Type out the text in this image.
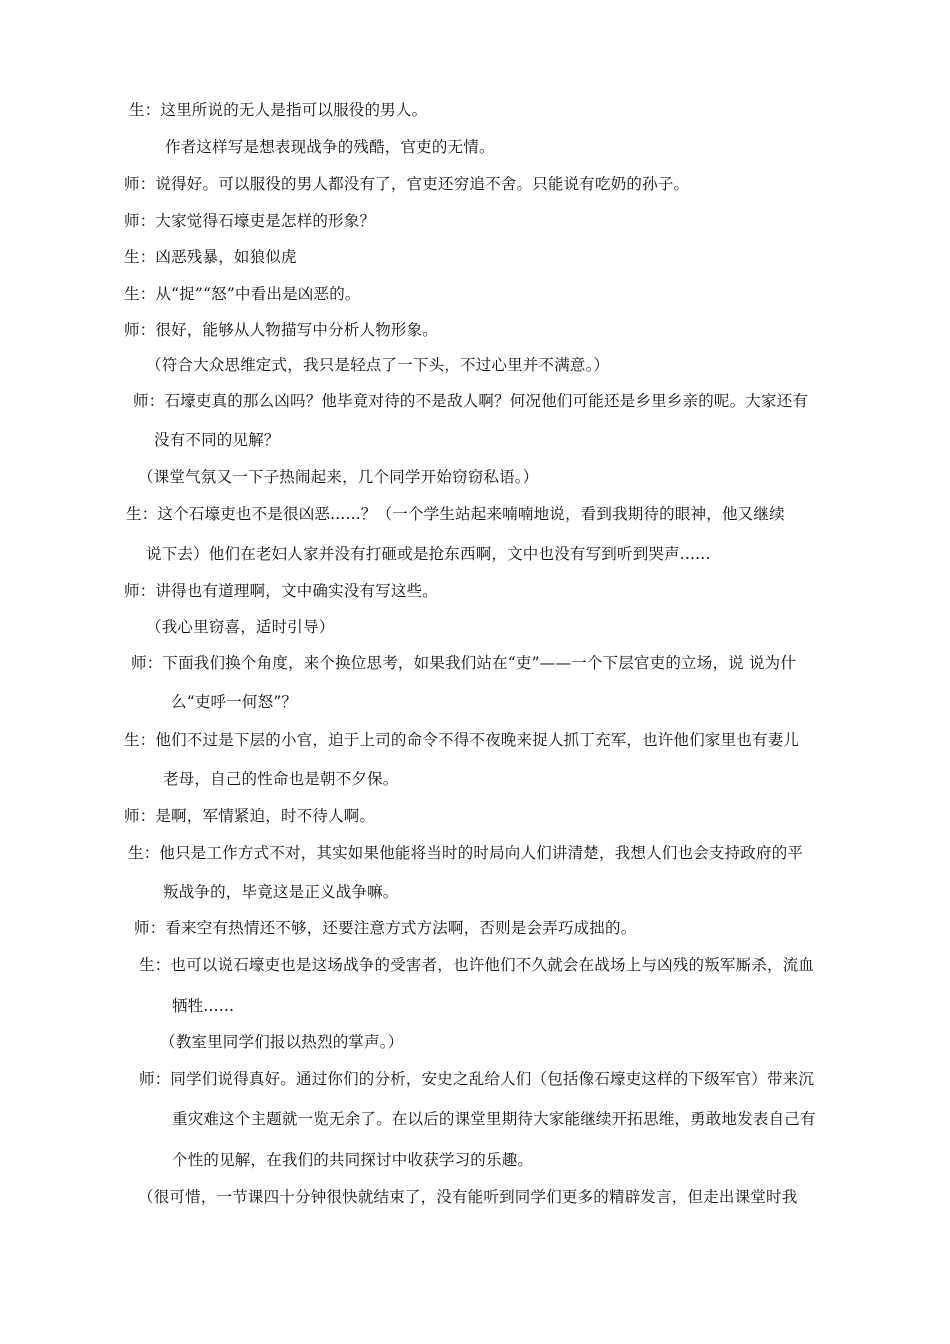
生：这里所说的无人是指可以服役的男人。
作者这样写是想表现战争的残酷，官吏的无情。
师：说得好。可以服役的男人都没有了，官吏还穷追不舍。只能说有吃奶的孙子。
师：大家觉得石壕吏是怎样的形象？
生：凶恶残暴，如狼似虎
生：从“捉”“怒”中看出是凶恶的。
师：很好，能够从人物描写中分析人物形象。
（符合大众思维定式，我只是轻点了一下头，不过心里并不满意。）
师：石壕吏真的那么凶吗？他毕竟对待的不是敌人啊？何况他们可能还是乡里乡亲的呢。大家还有
没有不同的见解？
（课堂气氛又一下子热闹起来，几个同学开始窃窃私语。）
生：这个石壕吏也不是很凶恶......？（一个学生站起来喃喃地说，看到我期待的眼神，他又继续
说下去）他们在老妇人家并没有打砸或是抢东西啊，文中也没有写到听到哭声......
师：讲得也有道理啊，文中确实没有写这些。
（我心里窃喜，适时引导）
师：下面我们换个角度，来个换位思考，如果我们站在“吏”——一个下层官吏的立场，说 说为什
么“吏呼一何怒”？
生：他们不过是下层的小官，迫于上司的命令不得不夜晚来捉人抓丁充军，也许他们家里也有妻儿
老母，自己的性命也是朝不夕保。
师：是啊，军情紧迫，时不待人啊。
生：他只是工作方式不对，其实如果他能将当时的时局向人们讲清楚，我想人们也会支持政府的平
叛战争的，毕竟这是正义战争嘛。
师：看来空有热情还不够，还要注意方式方法啊，否则是会弄巧成拙的。
生：也可以说石壕吏也是这场战争的受害者，也许他们不久就会在战场上与凶残的叛军厮杀，流血
牺牲......
（教室里同学们报以热烈的掌声。）
师：同学们说得真好。通过你们的分析，安史之乱给人们（包括像石壕吏这样的下级军官）带来沉
重灾难这个主题就一览无余了。在以后的课堂里期待大家能继续开拓思维，勇敢地发表自己有
个性的见解，在我们的共同探讨中收获学习的乐趣。
（很可惜，一节课四十分钟很快就结束了，没有能听到同学们更多的精辟发言，但走出课堂时我
